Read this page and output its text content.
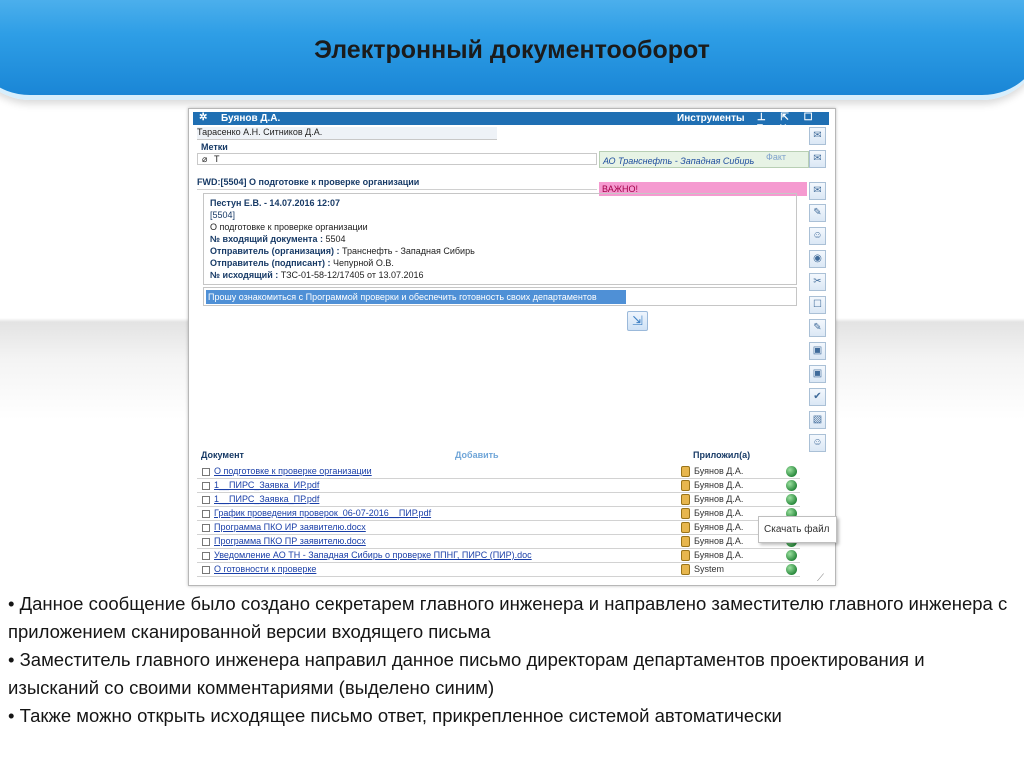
Электронный документооборот
✲ Буянов Д.А.	Инструменты ⊥ ⇱ ☐ ⧉ ✕
Тарасенко А.Н. Ситников Д.А.
Метки
⌀ Т
FWD:[5504] О подготовке к проверке организации
АО Транснефть - Западная Сибирь Факт
ВАЖНО!
Пестун Е.В. - 14.07.2016 12:07
[5504]
О подготовке к проверке организации
№ входящий документа : 5504
Отправитель (организация) : Транснефть - Западная Сибирь
Отправитель (подписант) : Чепурной О.В.
№ исходящий : ТЗС-01-58-12/17405 от 13.07.2016
Прошу ознакомиться с Программой проверки и обеспечить готовность своих департаментов
⇲
Документ	Добавить	Приложил(а)
О подготовке к проверке организации	Буянов Д.А.
1__ПИРС_Заявка_ИР.pdf	Буянов Д.А.
1__ПИРС_Заявка_ПР.pdf	Буянов Д.А.
График проведения проверок_06-07-2016__ПИР.pdf	Буянов Д.А.
Программа ПКО ИР заявителю.docx	Буянов Д.А.
Программа ПКО ПР заявителю.docx	Буянов Д.А.
Уведомление АО ТН - Западная Сибирь о проверке ППНГ, ПИРС (ПИР).doc	Буянов Д.А.
О готовности к проверке	System
✉
✉
✉
✎
☺
◉
✂
☐
✎
▣
▣
✔
▧
☺
⟋
Скачать файл
• Данное сообщение было создано секретарем главного инженера и направлено заместителю главного инженера с приложением сканированной версии входящего письма
• Заместитель главного инженера направил данное письмо директорам департаментов проектирования и изысканий со своими комментариями (выделено синим)
• Также можно открыть исходящее письмо ответ, прикрепленное системой автоматически
